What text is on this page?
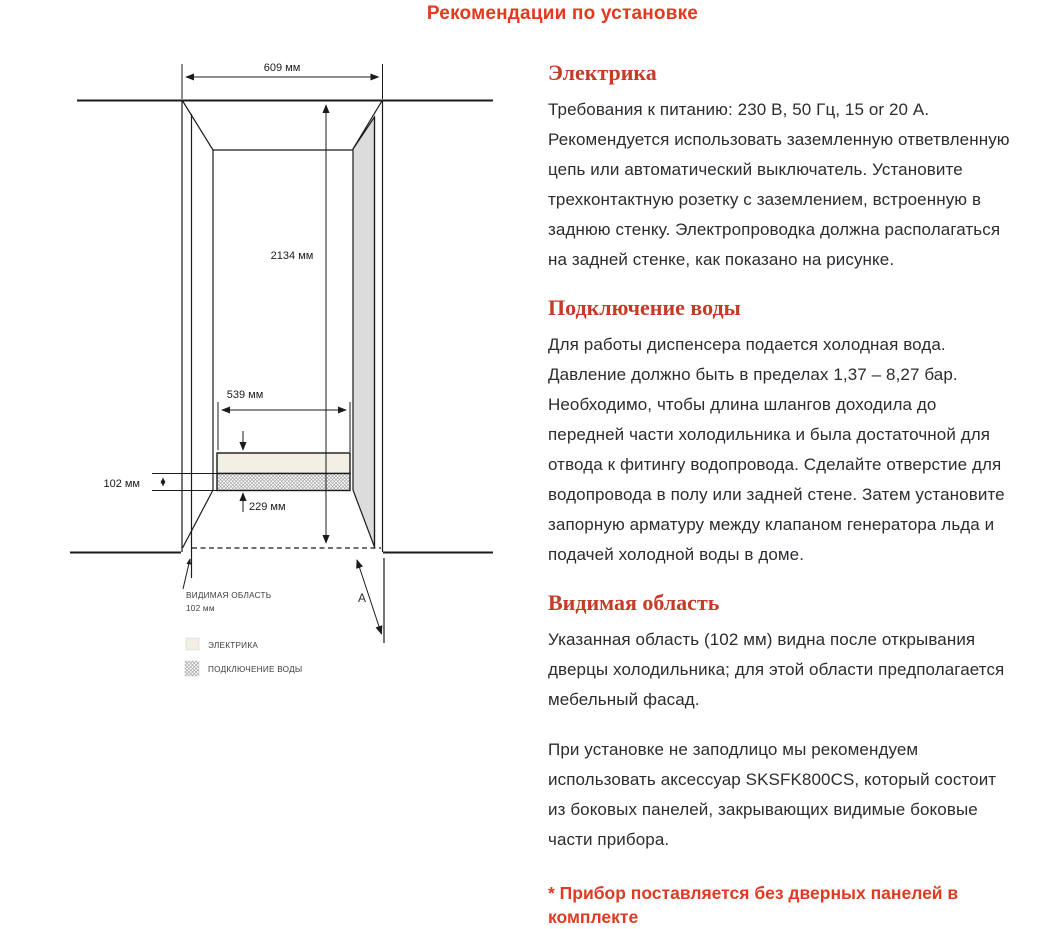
Рекомендации по установке
609 мм
2134 мм
539 мм
229 мм
102 мм
ВИДИМАЯ ОБЛАСТЬ
102 мм
A
ЭЛЕКТРИКА
ПОДКЛЮЧЕНИЕ ВОДЫ
Электрика

Требования к питанию: 230 В, 50 Гц, 15 or 20 А. Рекомендуется использовать заземленную ответвленную цепь или автоматический выключатель. Установите трехконтактную розетку с заземлением, встроенную в заднюю стенку. Электропроводка должна располагаться на задней стенке, как показано на рисунке.

Подключение воды

Для работы диспенсера подается холодная вода. Давление должно быть в пределах 1,37 – 8,27 бар. Необходимо, чтобы длина шлангов доходила до передней части холодильника и была достаточной для отвода к фитингу водопровода. Сделайте отверстие для водопровода в полу или задней стене. Затем установите запорную арматуру между клапаном генератора льда и подачей холодной воды в доме.

Видимая область

Указанная область (102 мм) видна после открывания дверцы холодильника; для этой области предполагается мебельный фасад.

При установке не заподлицо мы рекомендуем использовать аксессуар SKSFK800CS, который состоит из боковых панелей, закрывающих видимые боковые части прибора.

* Прибор поставляется без дверных панелей в комплекте
